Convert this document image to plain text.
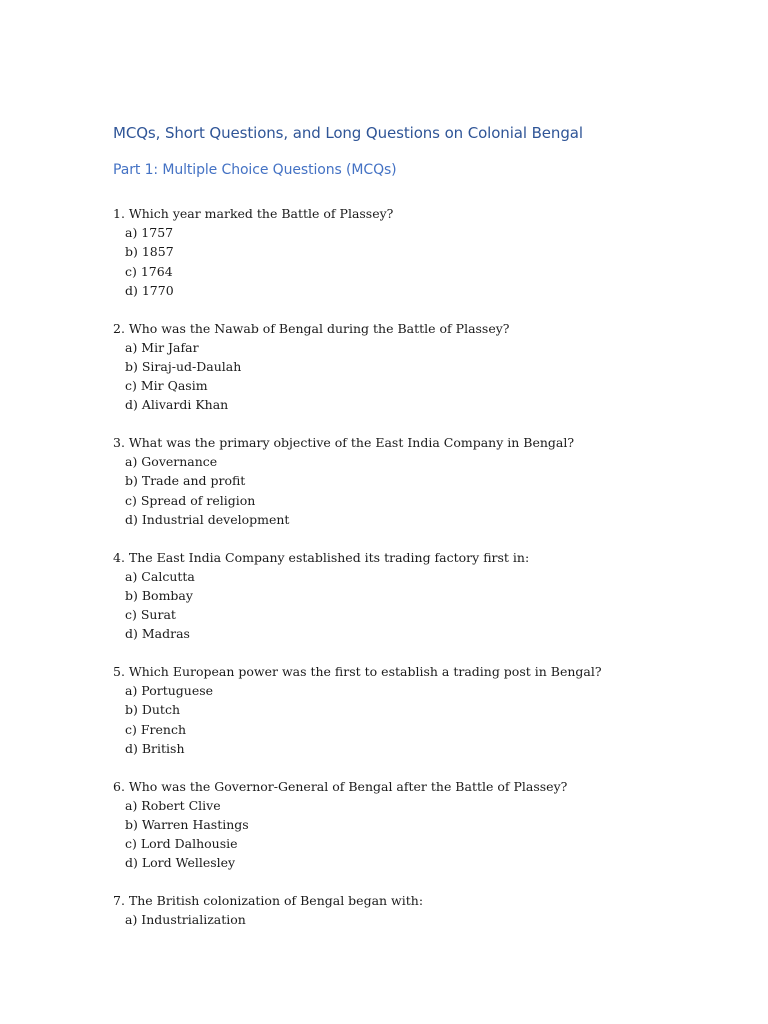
MCQs, Short Questions, and Long Questions on Colonial Bengal
Part 1: Multiple Choice Questions (MCQs)
1. Which year marked the Battle of Plassey?
a) 1757
b) 1857
c) 1764
d) 1770
2. Who was the Nawab of Bengal during the Battle of Plassey?
a) Mir Jafar
b) Siraj-ud-Daulah
c) Mir Qasim
d) Alivardi Khan
3. What was the primary objective of the East India Company in Bengal?
a) Governance
b) Trade and profit
c) Spread of religion
d) Industrial development
4. The East India Company established its trading factory first in:
a) Calcutta
b) Bombay
c) Surat
d) Madras
5. Which European power was the first to establish a trading post in Bengal?
a) Portuguese
b) Dutch
c) French
d) British
6. Who was the Governor-General of Bengal after the Battle of Plassey?
a) Robert Clive
b) Warren Hastings
c) Lord Dalhousie
d) Lord Wellesley
7. The British colonization of Bengal began with:
a) Industrialization
